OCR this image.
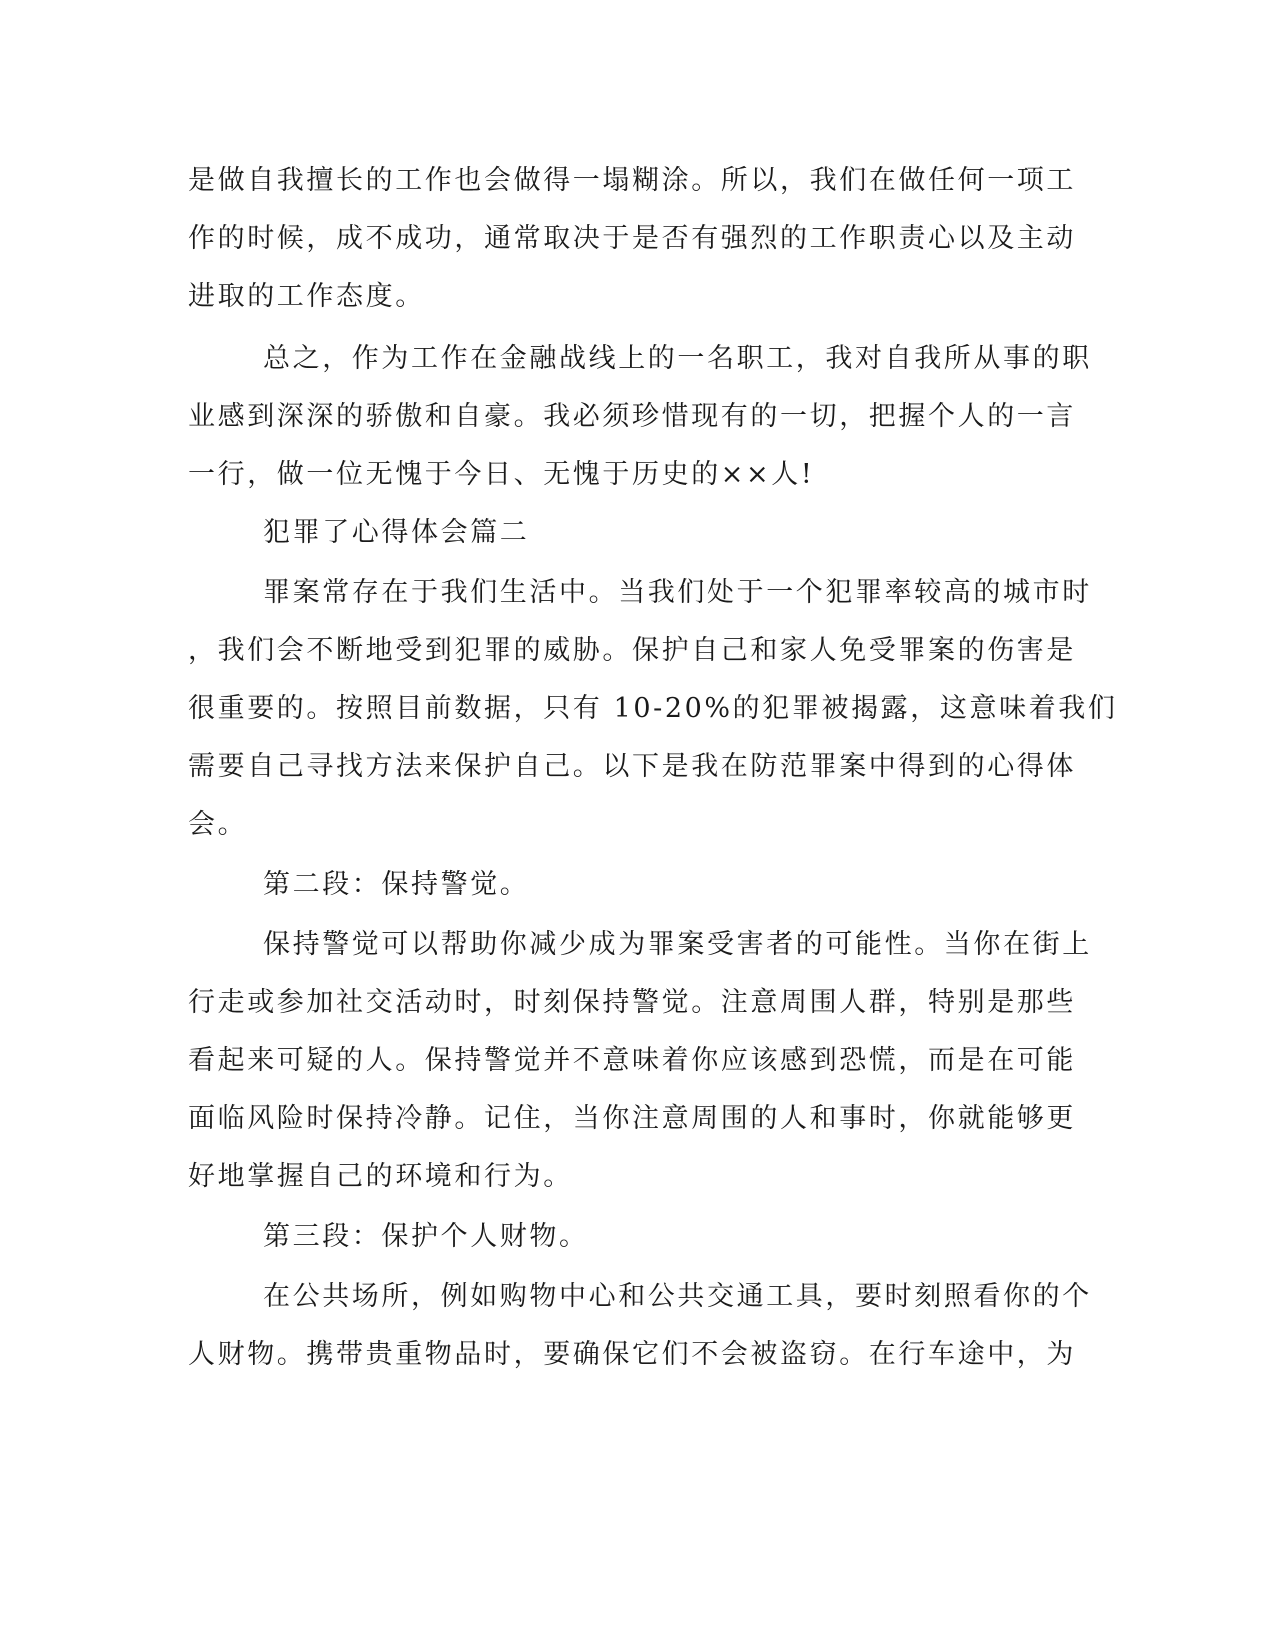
是做自我擅长的工作也会做得一塌糊涂。所以，我们在做任何一项工
作的时候，成不成功，通常取决于是否有强烈的工作职责心以及主动
进取的工作态度。
总之，作为工作在金融战线上的一名职工，我对自我所从事的职
业感到深深的骄傲和自豪。我必须珍惜现有的一切，把握个人的一言
一行，做一位无愧于今日、无愧于历史的××人!
犯罪了心得体会篇二
罪案常存在于我们生活中。当我们处于一个犯罪率较高的城市时
，我们会不断地受到犯罪的威胁。保护自己和家人免受罪案的伤害是
很重要的。按照目前数据，只有 10-20%的犯罪被揭露，这意味着我们
需要自己寻找方法来保护自己。以下是我在防范罪案中得到的心得体
会。
第二段：保持警觉。
保持警觉可以帮助你减少成为罪案受害者的可能性。当你在街上
行走或参加社交活动时，时刻保持警觉。注意周围人群，特别是那些
看起来可疑的人。保持警觉并不意味着你应该感到恐慌，而是在可能
面临风险时保持冷静。记住，当你注意周围的人和事时，你就能够更
好地掌握自己的环境和行为。
第三段：保护个人财物。
在公共场所，例如购物中心和公共交通工具，要时刻照看你的个
人财物。携带贵重物品时，要确保它们不会被盗窃。在行车途中，为
